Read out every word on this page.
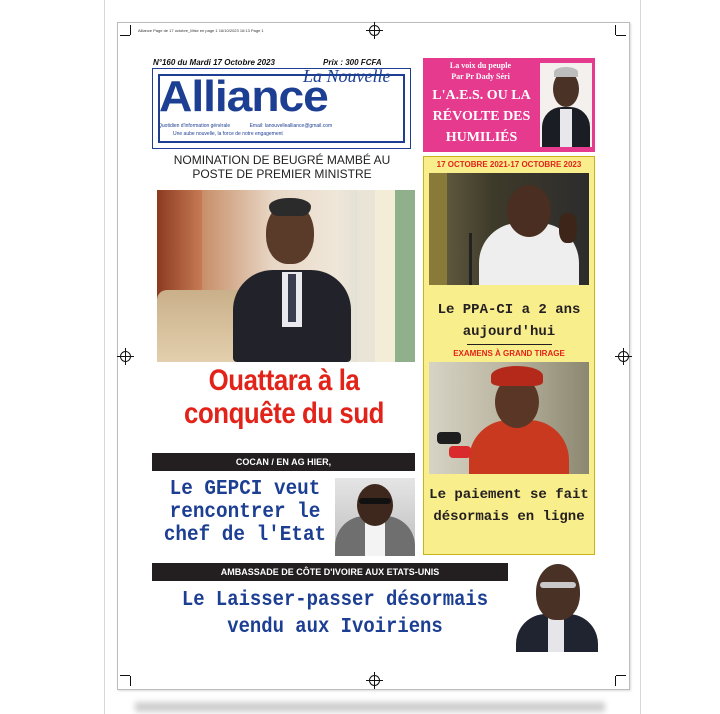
Alliance Page de 17 octobre_Mise en page 1 16/10/2023 16:13 Page 1
N°160 du Mardi 17 Octobre 2023	Prix : 300 FCFA
La Nouvelle
Alliance
Quotidien d'information générale	Email: lanouvellealliance@gmail.com
Une aube nouvelle, la force de notre engagement
NOMINATION DE BEUGRÉ MAMBÉ AU POSTE DE PREMIER MINISTRE
Ouattara à la conquête du sud
COCAN / EN AG HIER,
Le GEPCI veut rencontrer le chef de l'Etat
AMBASSADE DE CÔTE D'IVOIRE AUX ETATS-UNIS
Le Laisser-passer désormais vendu aux Ivoiriens
La voix du peuple
Par Pr Dady Séri
L'A.E.S. OU LA RÉVOLTE DES HUMILIÉS
17 OCTOBRE 2021-17 OCTOBRE 2023
Le PPA-CI a 2 ans aujourd'hui
EXAMENS À GRAND TIRAGE
Le paiement se fait désormais en ligne
